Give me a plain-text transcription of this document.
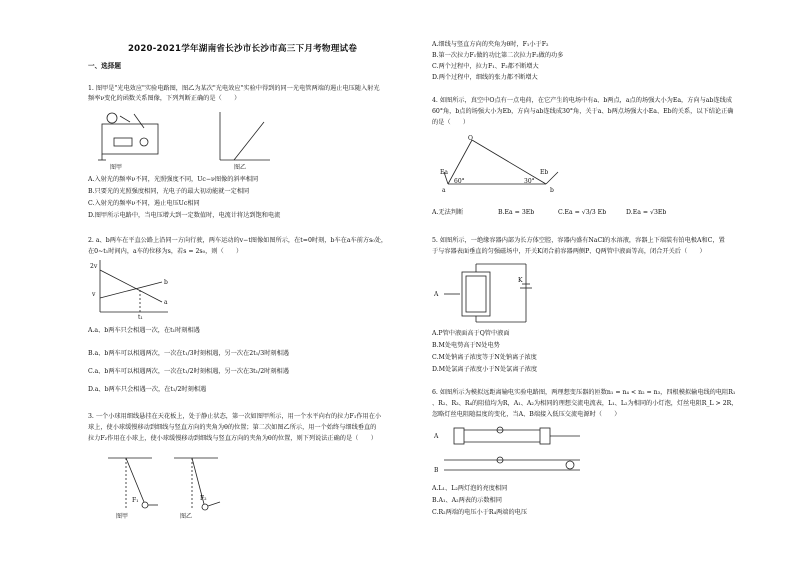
2020-2021学年湖南省长沙市长沙市高三下月考物理试卷
一、选择题
1. 图甲是"光电效应"实验电路图，图乙为某次"光电效应"实验中得到的同一光电管两端的遏止电压随入射光
频率ν变化的函数关系图像，下列判断正确的是（　　）
图甲	图乙
A.入射光的频率ν不同，光照强度不同，Uc−ν图像的斜率相同
B.只要光的光照强度相同，光电子的最大初动能就一定相同
C.入射光的频率ν不同，遏止电压Uc相同
D.图甲所示电路中，当电压增大到一定数值时，电流计将达到饱和电流
2. a、b两车在平直公路上沿同一方向行驶，两车运动的v−t图像如图所示，在t=0时刻，b车在a车前方s₀处，
在0~t₁时间内，a车的位移为s，若s = 2s₀，则（　　）
2v
v
t₁
a
b
A.a、b两车只会相遇一次，在t₁时刻相遇
B.a、b两车可以相遇两次，一次在t₁/3时刻相遇，另一次在2t₁/3时刻相遇
C.a、b两车可以相遇两次，一次在t₁/2时刻相遇，另一次在3t₁/2时刻相遇
D.a、b两车只会相遇一次，在t₁/2时刻相遇
3. 一个小球用细线悬挂在天花板上，处于静止状态，第一次如图甲所示，用一个水平向右的拉力F₁作用在小
球上，使小球缓慢移动到细线与竖直方向的夹角为θ的位置；第二次如图乙所示，用一个始终与细线垂直的
拉力F₂作用在小球上，使小球缓慢移动到细线与竖直方向的夹角为θ的位置，则下列说法正确的是（　　）
F₁	F₂
图甲	图乙
A.细线与竖直方向的夹角为θ时，F₁小于F₂
B.第一次拉力F₁做的功比第二次拉力F₂做的功多
C.两个过程中，拉力F₁、F₂都不断增大
D.两个过程中，细线的张力都不断增大
4. 如图所示，真空中O点有一点电荷，在它产生的电场中有a、b两点，a点的场强大小为Ea，方向与ab连线成
60°角，b点的场强大小为Eb，方向与ab连线成30°角，关于a、b两点场强大小Ea、Eb的关系，以下结论正确
的是（　　）
O
Ea	Eb
60°	30°
a	b
A.无法判断	B.Ea = 3Eb	C.Ea = √3/3 Eb	D.Ea = √3Eb
5. 如图所示，一绝缘容器内部为长方体空腔，容器内盛有NaCl的水溶液，容器上下端装有铂电极A和C，置
于与容器表面垂直的匀强磁场中，开关K闭合前容器两侧P、Q两管中液面等高，闭合开关后（　　）
A
K
A.P管中液面高于Q管中液面
B.M处电势高于N处电势
C.M处钠离子浓度等于N处钠离子浓度
D.M处氯离子浓度小于N处氯离子浓度
6. 如图所示为模拟远距离输电实验电路图，两理想变压器的匝数n₁ = n₄ < n₂ = n₃，四根模拟输电线的电阻R₁
、R₂、R₃、R₄的阻值均为R，A₁、A₂为相同的理想交流电流表，L₁、L₂为相同的小灯泡，灯丝电阻R_L > 2R，
忽略灯丝电阻随温度的变化，当A、B端接入低压交流电源时（　　）
A
B
A.L₁、L₂两灯泡的亮度相同
B.A₁、A₂两表的示数相同
C.R₂两端的电压小于R₄两端的电压
